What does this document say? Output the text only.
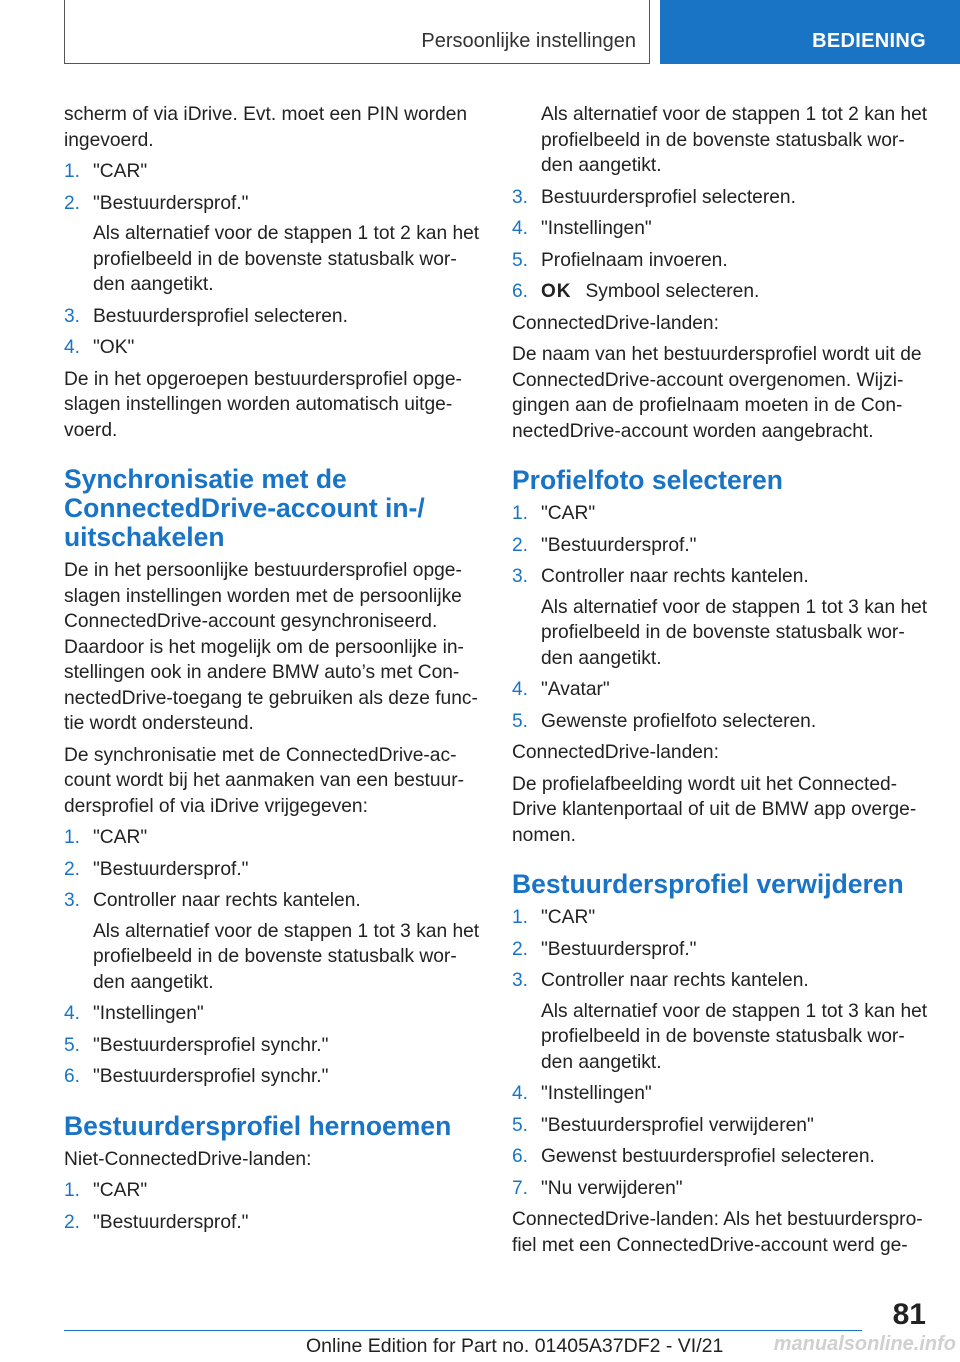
Persoonlijke instellingen	BEDIENING

scherm of via iDrive. Evt. moet een PIN worden ingevoerd.

1. "CAR"
2. "Bestuurdersprof."

Als alternatief voor de stappen 1 tot 2 kan het profielbeeld in de bovenste statusbalk wor-den aangetikt.

3. Bestuurdersprofiel selecteren.
4. "OK"

De in het opgeroepen bestuurdersprofiel opge-slagen instellingen worden automatisch uitge-voerd.

Synchronisatie met de ConnectedDrive-account in-/ uitschakelen

De in het persoonlijke bestuurdersprofiel opge-slagen instellingen worden met de persoonlijke ConnectedDrive-account gesynchroniseerd. Daardoor is het mogelijk om de persoonlijke in-stellingen ook in andere BMW auto’s met Con-nectedDrive-toegang te gebruiken als deze func-tie wordt ondersteund.

De synchronisatie met de ConnectedDrive-ac-count wordt bij het aanmaken van een bestuur-dersprofiel of via iDrive vrijgegeven:

1. "CAR"
2. "Bestuurdersprof."
3. Controller naar rechts kantelen.

Als alternatief voor de stappen 1 tot 3 kan het profielbeeld in de bovenste statusbalk wor-den aangetikt.

4. "Instellingen"
5. "Bestuurdersprofiel synchr."
6. "Bestuurdersprofiel synchr."
Bestuurdersprofiel hernoemen

Niet-ConnectedDrive-landen:

1. "CAR"
2. "Bestuurdersprof."

Als alternatief voor de stappen 1 tot 2 kan het profielbeeld in de bovenste statusbalk wor-den aangetikt.

3. Bestuurdersprofiel selecteren.
4. "Instellingen"
5. Profielnaam invoeren.
6. OK Symbool selecteren.

ConnectedDrive-landen:

De naam van het bestuurdersprofiel wordt uit de ConnectedDrive-account overgenomen. Wijzi-gingen aan de profielnaam moeten in de Con-nectedDrive-account worden aangebracht.

Profielfoto selecteren
1. "CAR"
2. "Bestuurdersprof."
3. Controller naar rechts kantelen.

Als alternatief voor de stappen 1 tot 3 kan het profielbeeld in de bovenste statusbalk wor-den aangetikt.

4. "Avatar"
5. Gewenste profielfoto selecteren.

ConnectedDrive-landen:

De profielafbeelding wordt uit het Connected-Drive klantenportaal of uit de BMW app overge-nomen.

Bestuurdersprofiel verwijderen
1. "CAR"
2. "Bestuurdersprof."
3. Controller naar rechts kantelen.

Als alternatief voor de stappen 1 tot 3 kan het profielbeeld in de bovenste statusbalk wor-den aangetikt.

4. "Instellingen"
5. "Bestuurdersprofiel verwijderen"
6. Gewenst bestuurdersprofiel selecteren.
7. "Nu verwijderen"

ConnectedDrive-landen: Als het bestuurderspro-fiel met een ConnectedDrive-account werd ge-

81
Online Edition for Part no. 01405A37DF2 - VI/21	manualsonline.info
